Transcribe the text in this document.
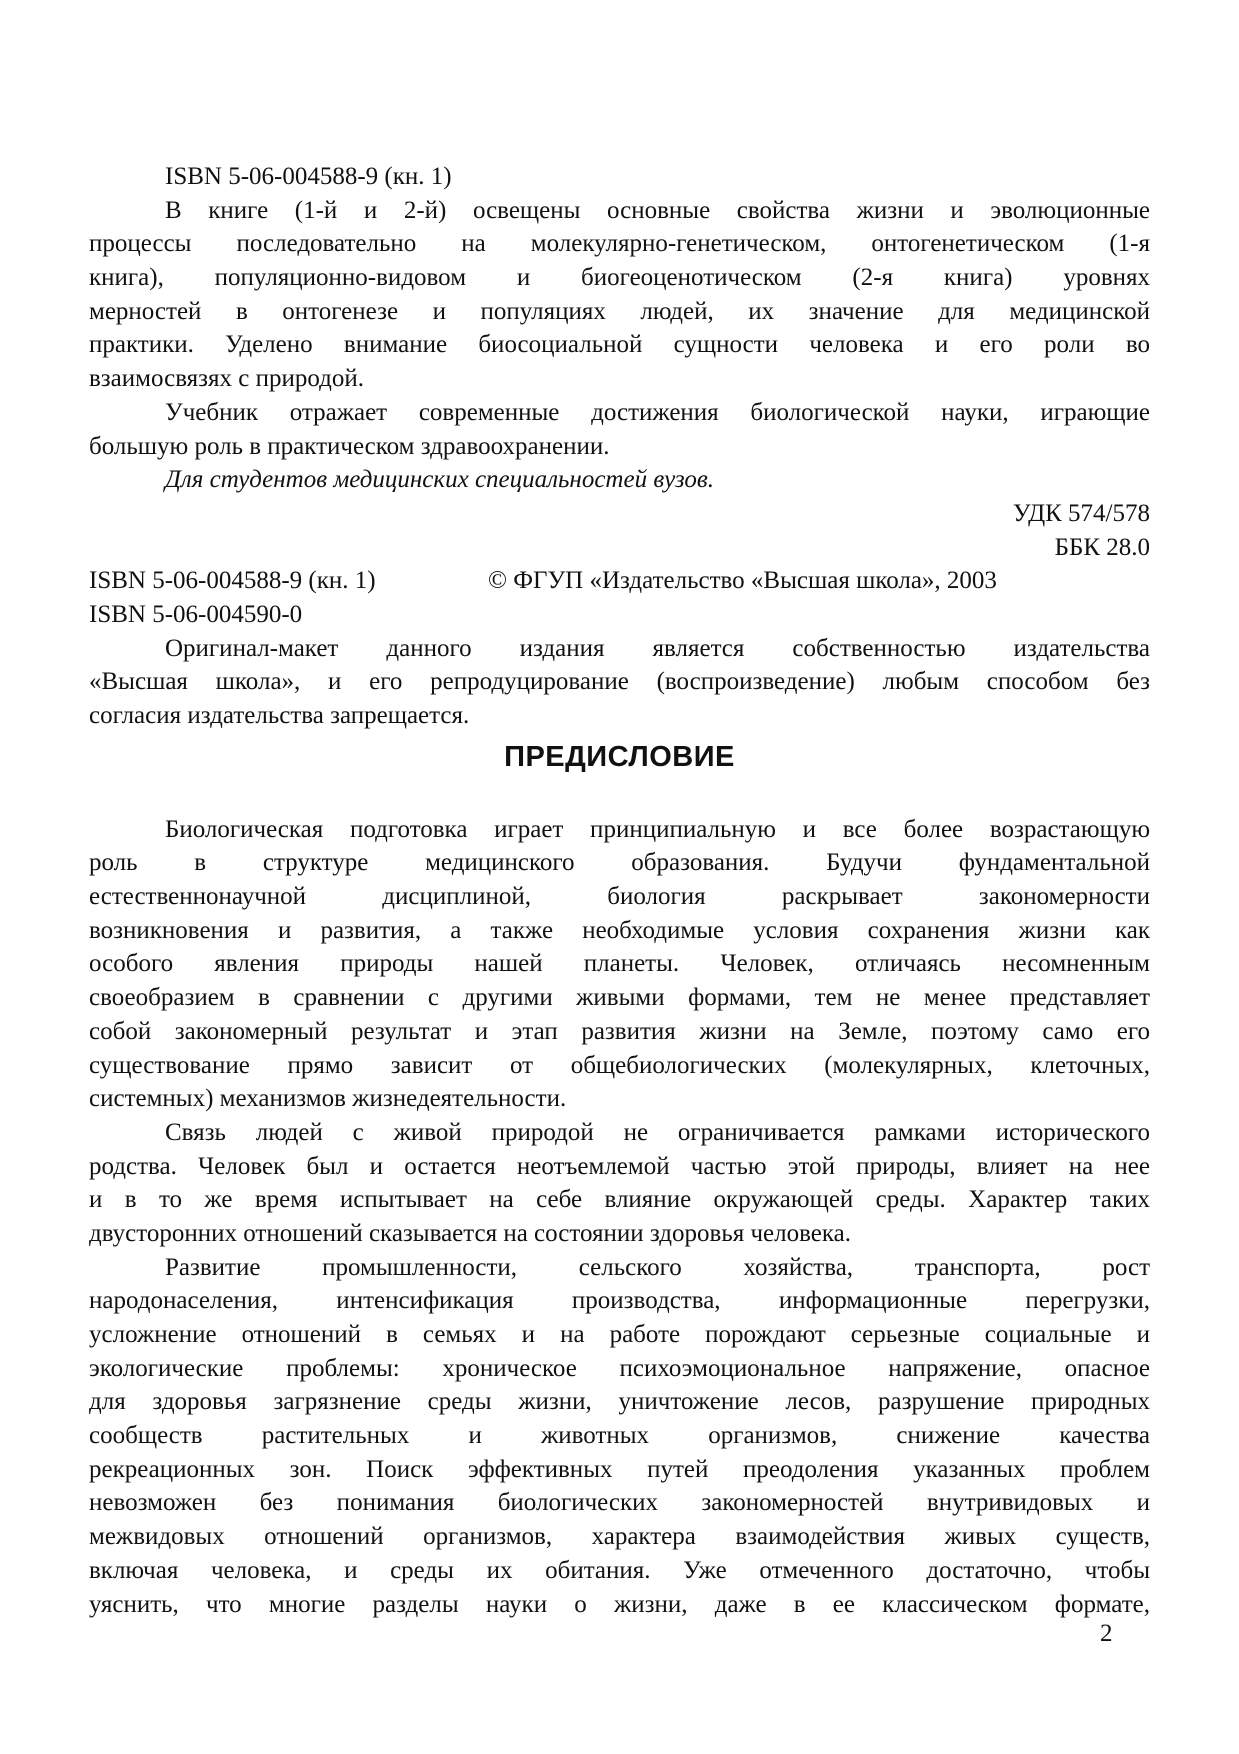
ISBN 5-06-004588-9 (кн. 1)
В книге (1-й и 2-й) освещены основные свойства жизни и эволюционные
процессы последовательно на молекулярно-генетическом, онтогенетическом (1-я
книга), популяционно-видовом и биогеоценотическом (2-я книга) уровнях
мерностей в онтогенезе и популяциях людей, их значение для медицинской
практики. Уделено внимание биосоциальной сущности человека и его роли во
взаимосвязях с природой.
Учебник отражает современные достижения биологической науки, играющие
большую роль в практическом здравоохранении.
Для студентов медицинских специальностей вузов.
УДК 574/578
ББК 28.0
ISBN 5-06-004588-9 (кн. 1)	© ФГУП «Издательство «Высшая школа», 2003
ISBN 5-06-004590-0
Оригинал-макет данного издания является собственностью издательства
«Высшая школа», и его репродуцирование (воспроизведение) любым способом без
согласия издательства запрещается.
ПРЕДИСЛОВИЕ
Биологическая подготовка играет принципиальную и все более возрастающую
роль в структуре медицинского образования. Будучи фундаментальной
естественнонаучной дисциплиной, биология раскрывает закономерности
возникновения и развития, а также необходимые условия сохранения жизни как
особого явления природы нашей планеты. Человек, отличаясь несомненным
своеобразием в сравнении с другими живыми формами, тем не менее представляет
собой закономерный результат и этап развития жизни на Земле, поэтому само его
существование прямо зависит от общебиологических (молекулярных, клеточных,
системных) механизмов жизнедеятельности.
Связь людей с живой природой не ограничивается рамками исторического
родства. Человек был и остается неотъемлемой частью этой природы, влияет на нее
и в то же время испытывает на себе влияние окружающей среды. Характер таких
двусторонних отношений сказывается на состоянии здоровья человека.
Развитие промышленности, сельского хозяйства, транспорта, рост
народонаселения, интенсификация производства, информационные перегрузки,
усложнение отношений в семьях и на работе порождают серьезные социальные и
экологические проблемы: хроническое психоэмоциональное напряжение, опасное
для здоровья загрязнение среды жизни, уничтожение лесов, разрушение природных
сообществ растительных и животных организмов, снижение качества
рекреационных зон. Поиск эффективных путей преодоления указанных проблем
невозможен без понимания биологических закономерностей внутривидовых и
межвидовых отношений организмов, характера взаимодействия живых существ,
включая человека, и среды их обитания. Уже отмеченного достаточно, чтобы
уяснить, что многие разделы науки о жизни, даже в ее классическом формате,
2
